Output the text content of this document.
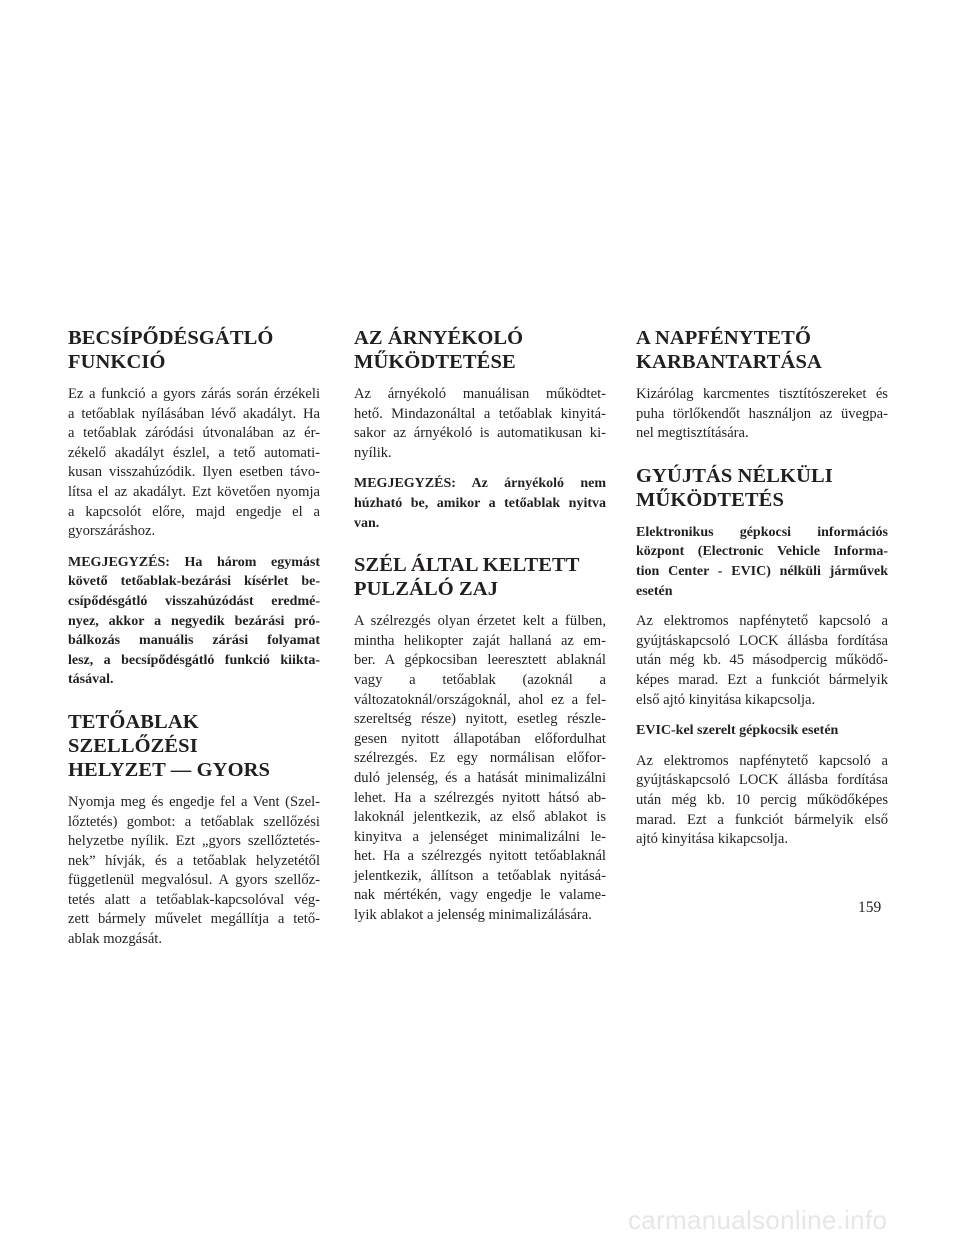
BECSÍPŐDÉSGÁTLÓ
FUNKCIÓ

Ez a funkció a gyors zárás során érzékeli
a tetőablak nyílásában lévő akadályt. Ha
a tetőablak záródási útvonalában az ér-
zékelő akadályt észlel, a tető automati-
kusan visszahúzódik. Ilyen esetben távo-
lítsa el az akadályt. Ezt követően nyomja
a kapcsolót előre, majd engedje el a
gyorszáráshoz.

MEGJEGYZÉS: Ha három egymást
követő tetőablak-bezárási kísérlet be-
csípődésgátló visszahúzódást eredmé-
nyez, akkor a negyedik bezárási pró-
bálkozás manuális zárási folyamat
lesz, a becsípődésgátló funkció kiikta-
tásával.

TETŐABLAK SZELLŐZÉSI
HELYZET — GYORS

Nyomja meg és engedje fel a Vent (Szel-
lőztetés) gombot: a tetőablak szellőzési
helyzetbe nyílik. Ezt „gyors szellőztetés-
nek” hívják, és a tetőablak helyzetétől
függetlenül megvalósul. A gyors szellőz-
tetés alatt a tetőablak-kapcsolóval vég-
zett bármely művelet megállítja a tető-
ablak mozgását.

AZ ÁRNYÉKOLÓ
MŰKÖDTETÉSE

Az árnyékoló manuálisan működtet-
hető. Mindazonáltal a tetőablak kinyitá-
sakor az árnyékoló is automatikusan ki-
nyílik.

MEGJEGYZÉS: Az árnyékoló nem
húzható be, amikor a tetőablak nyitva
van.

SZÉL ÁLTAL KELTETT
PULZÁLÓ ZAJ

A szélrezgés olyan érzetet kelt a fülben,
mintha helikopter zaját hallaná az em-
ber. A gépkocsiban leeresztett ablaknál
vagy a tetőablak (azoknál a
változatoknál/országoknál, ahol ez a fel-
szereltség része) nyitott, esetleg részle-
gesen nyitott állapotában előfordulhat
szélrezgés. Ez egy normálisan előfor-
duló jelenség, és a hatását minimalizálni
lehet. Ha a szélrezgés nyitott hátsó ab-
lakoknál jelentkezik, az első ablakot is
kinyitva a jelenséget minimalizálni le-
het. Ha a szélrezgés nyitott tetőablaknál
jelentkezik, állítson a tetőablak nyitásá-
nak mértékén, vagy engedje le valame-
lyik ablakot a jelenség minimalizálására.

A NAPFÉNYTETŐ
KARBANTARTÁSA

Kizárólag karcmentes tisztítószereket és
puha törlőkendőt használjon az üvegpa-
nel megtisztítására.

GYÚJTÁS NÉLKÜLI
MŰKÖDTETÉS

Elektronikus gépkocsi információs
központ (Electronic Vehicle Informa-
tion Center - EVIC) nélküli járművek
esetén

Az elektromos napfénytető kapcsoló a
gyújtáskapcsoló LOCK állásba fordítása
után még kb. 45 másodpercig működő-
képes marad. Ezt a funkciót bármelyik
első ajtó kinyitása kikapcsolja.

EVIC-kel szerelt gépkocsik esetén

Az elektromos napfénytető kapcsoló a
gyújtáskapcsoló LOCK állásba fordítása
után még kb. 10 percig működőképes
marad. Ezt a funkciót bármelyik első
ajtó kinyitása kikapcsolja.

159
carmanualsonline.info
